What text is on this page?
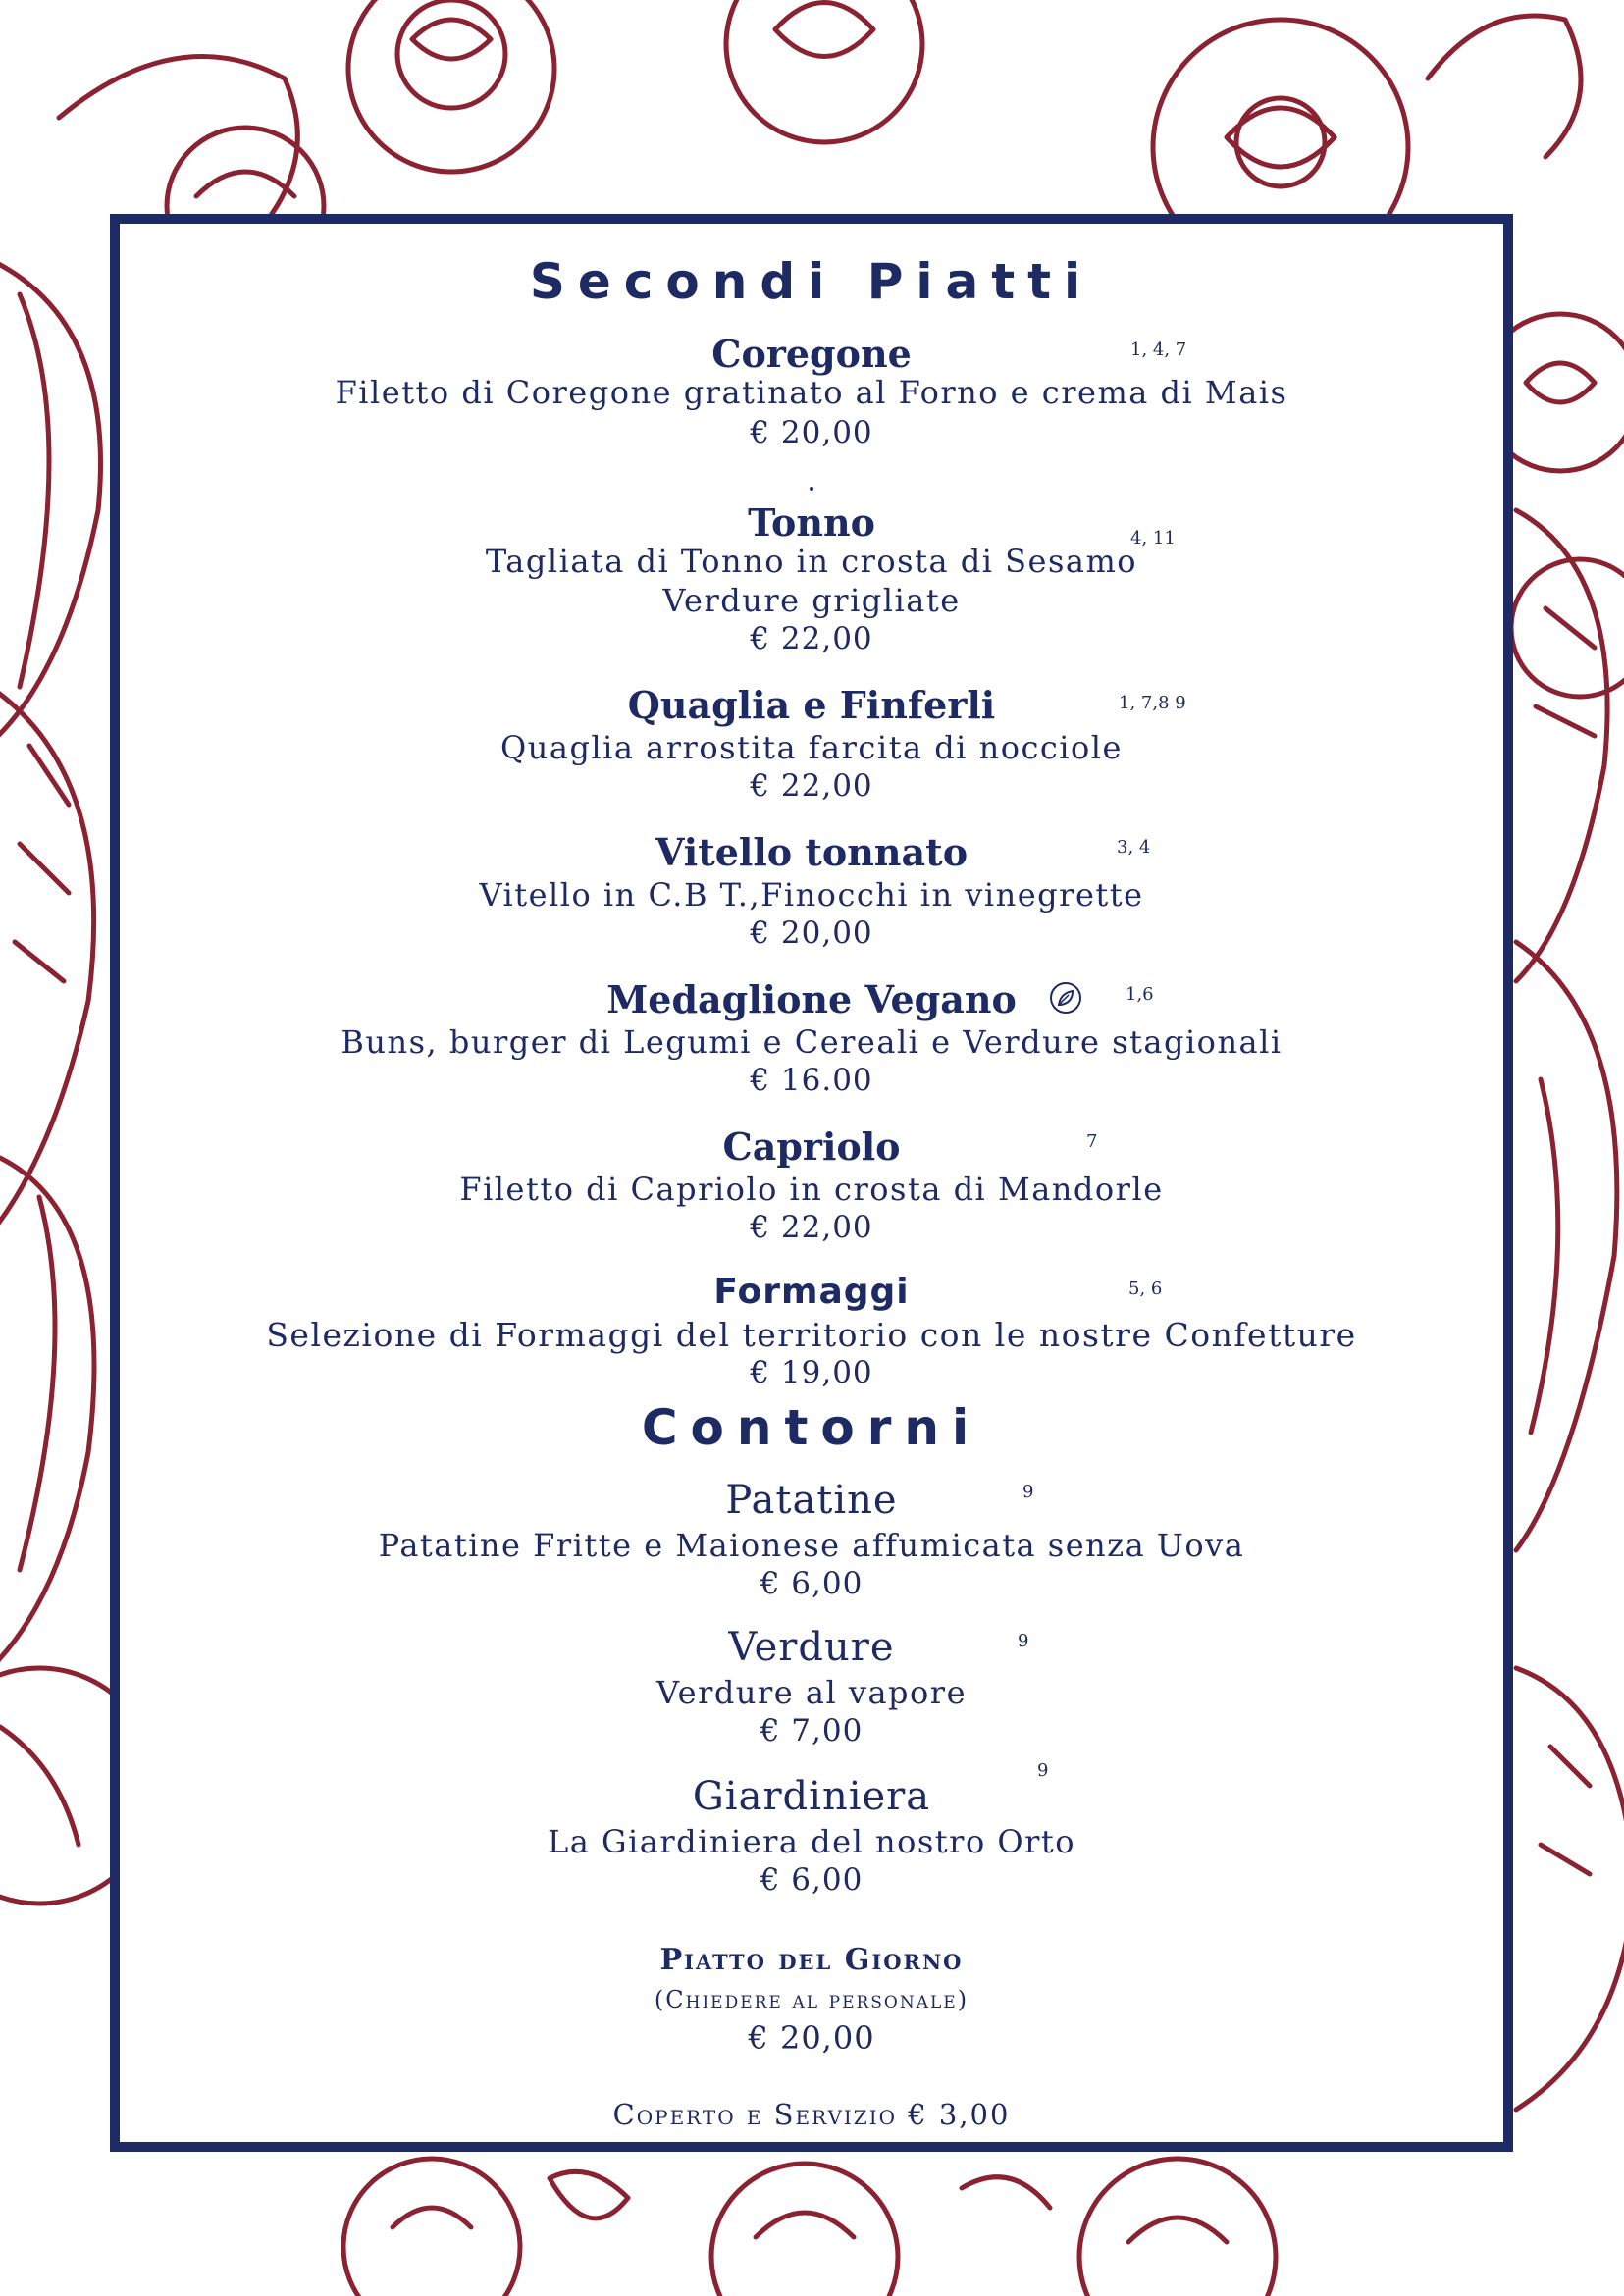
Secondi Piatti
Coregone	1, 4, 7
Filetto di Coregone gratinato al Forno e crema di Mais
€ 20,00
Tonno	4, 11
Tagliata di Tonno in crosta di Sesamo
Verdure grigliate
€ 22,00
Quaglia e Finferli	1, 7,8 9
Quaglia arrostita farcita di nocciole
€ 22,00
Vitello tonnato	3, 4
Vitello in C.B T.,Finocchi in vinegrette
€ 20,00
Medaglione Vegano	1,6
Buns, burger di Legumi e Cereali e Verdure stagionali
€ 16.00
Capriolo	7
Filetto di Capriolo in crosta di Mandorle
€ 22,00
Formaggi	5, 6
Selezione di Formaggi del territorio con le nostre Confetture
€ 19,00
Contorni
Patatine	9
Patatine Fritte e Maionese affumicata senza Uova
€ 6,00
Verdure	9
Verdure al vapore
€ 7,00
Giardiniera
9
La Giardiniera del nostro Orto
€ 6,00
Piatto del Giorno
(Chiedere al personale)
€ 20,00
Coperto e Servizio € 3,00
